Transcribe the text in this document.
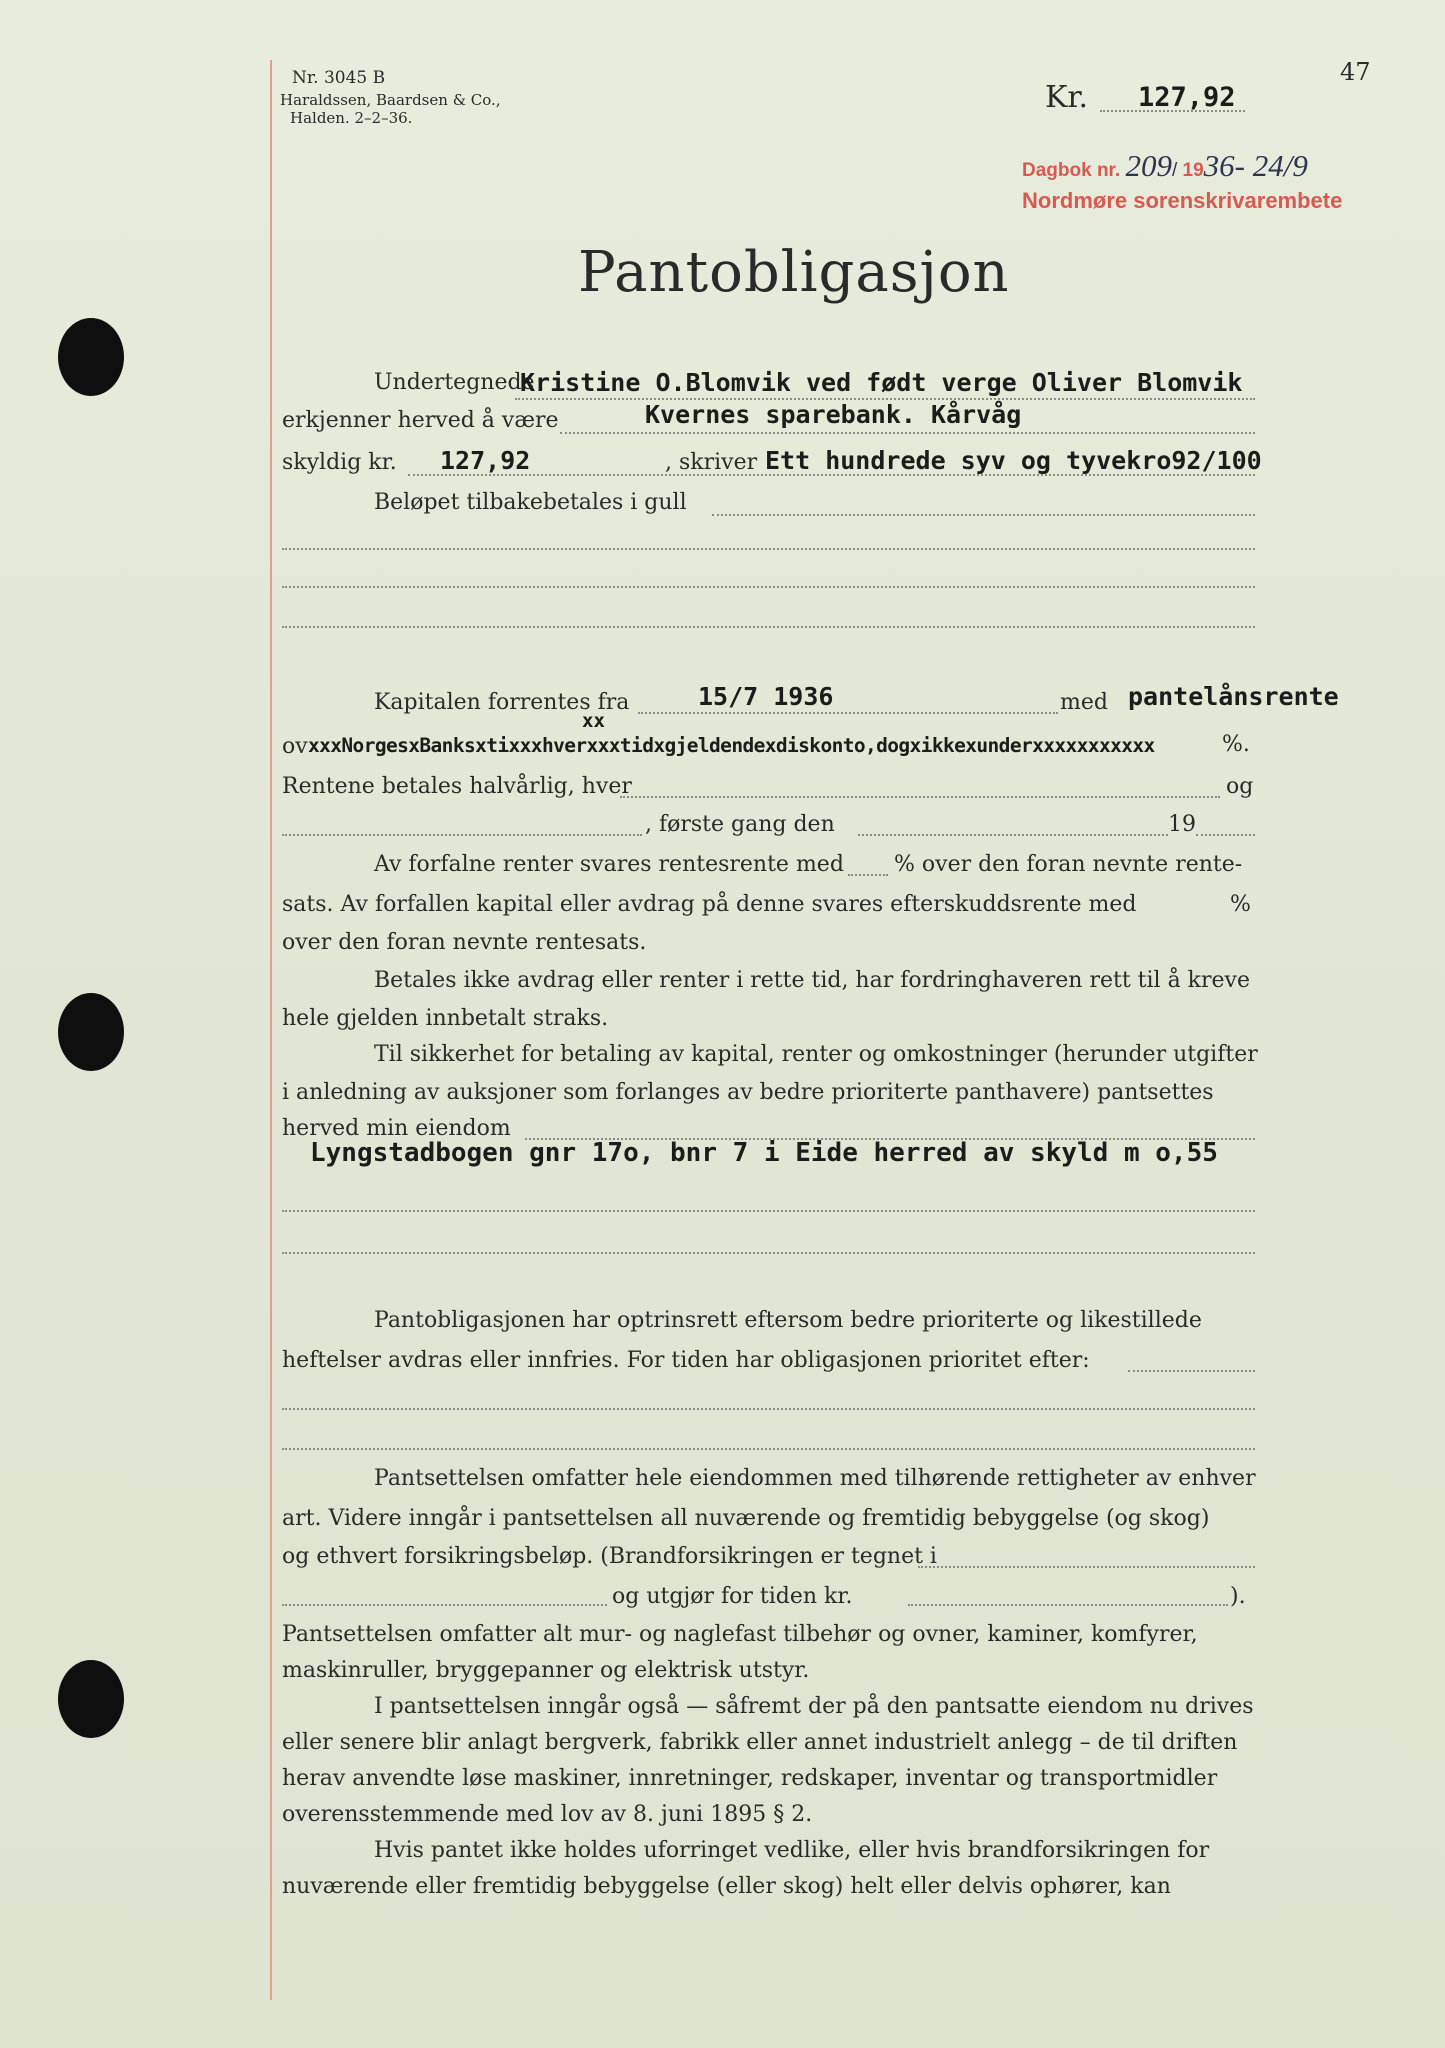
Nr. 3045 B
Haraldssen, Baardsen & Co.,
Halden. 2–2–36.
47
Kr. 127,92
Dagbok nr. 209/ 1936- 24/9
Nordmøre sorenskrivarembete
Pantobligasjon
Undertegnede
Kristine O.Blomvik ved født verge Oliver Blomvik
erkjenner herved å være	Kvernes sparebank. Kårvåg
skyldig kr. 127,92	, skriver Ett hundrede syv og tyvekro92/100
Beløpet tilbakebetales i gull
Kapitalen forrentes fra	15/7 1936	med pantelånsrente
xx
ov xxxNorgesxBanksxtixxxhverxxxtidxgjeldendexdiskonto,dogxikkexunderxxxxxxxxxxx	%.
Rentene betales halvårlig, hver	og
, første gang den	19
Av forfalne renter svares rentesrente med % over den foran nevnte rente-
sats. Av forfallen kapital eller avdrag på denne svares efterskuddsrente med	%
over den foran nevnte rentesats.
Betales ikke avdrag eller renter i rette tid, har fordringhaveren rett til å kreve
hele gjelden innbetalt straks.
Til sikkerhet for betaling av kapital, renter og omkostninger (herunder utgifter
i anledning av auksjoner som forlanges av bedre prioriterte panthavere) pantsettes
herved min eiendom
Lyngstadbogen gnr 17o, bnr 7 i Eide herred av skyld m o,55
Pantobligasjonen har optrinsrett eftersom bedre prioriterte og likestillede
heftelser avdras eller innfries. For tiden har obligasjonen prioritet efter:
Pantsettelsen omfatter hele eiendommen med tilhørende rettigheter av enhver
art. Videre inngår i pantsettelsen all nuværende og fremtidig bebyggelse (og skog)
og ethvert forsikringsbeløp. (Brandforsikringen er tegnet i
og utgjør for tiden kr.	).
Pantsettelsen omfatter alt mur- og naglefast tilbehør og ovner, kaminer, komfyrer,
maskinruller, bryggepanner og elektrisk utstyr.
I pantsettelsen inngår også — såfremt der på den pantsatte eiendom nu drives
eller senere blir anlagt bergverk, fabrikk eller annet industrielt anlegg – de til driften
herav anvendte løse maskiner, innretninger, redskaper, inventar og transportmidler
overensstemmende med lov av 8. juni 1895 § 2.
Hvis pantet ikke holdes uforringet vedlike, eller hvis brandforsikringen for
nuværende eller fremtidig bebyggelse (eller skog) helt eller delvis ophører, kan
